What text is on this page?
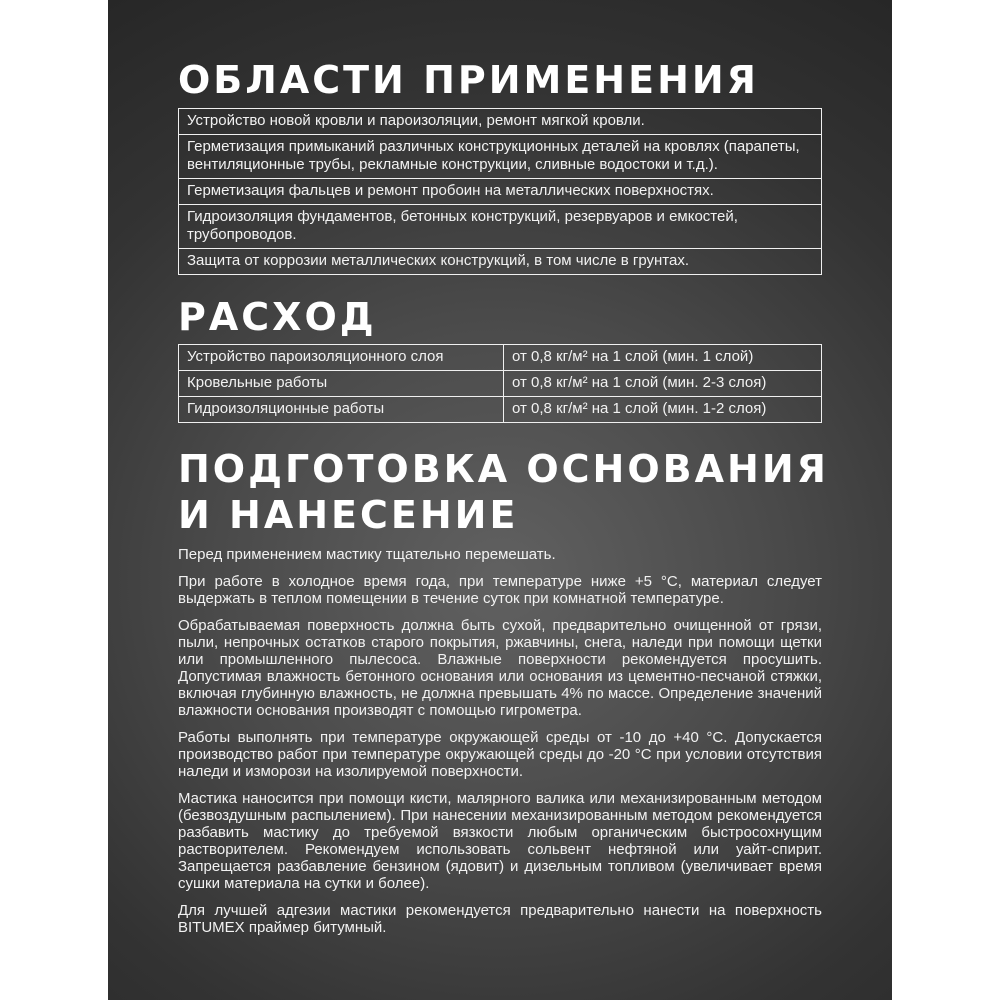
ОБЛАСТИ ПРИМЕНЕНИЯ
Устройство новой кровли и пароизоляции, ремонт мягкой кровли.
Герметизация примыканий различных конструкционных деталей на кровлях (парапеты, вентиляционные трубы, рекламные конструкции, сливные водостоки и т.д.).
Герметизация фальцев и ремонт пробоин на металлических поверхностях.
Гидроизоляция фундаментов, бетонных конструкций, резервуаров и емкостей, трубопроводов.
Защита от коррозии металлических конструкций, в том числе в грунтах.
РАСХОД
Устройство пароизоляционного слоя	от 0,8 кг/м² на 1 слой (мин. 1 слой)
Кровельные работы	от 0,8 кг/м² на 1 слой (мин. 2-3 слоя)
Гидроизоляционные работы	от 0,8 кг/м² на 1 слой (мин. 1-2 слоя)
ПОДГОТОВКА ОСНОВАНИЯ
И НАНЕСЕНИЕ

Перед применением мастику тщательно перемешать.

При работе в холодное время года, при температуре ниже +5 °С, материал следует выдержать в теплом помещении в течение суток при комнатной температуре.

Обрабатываемая поверхность должна быть сухой, предварительно очищенной от грязи, пыли, непрочных остатков старого покрытия, ржавчины, снега, наледи при помощи щетки или промышленного пылесоса. Влажные поверхности рекомендуется просушить. Допустимая влажность бетонного основания или основания из цементно-песчаной стяжки, включая глубинную влажность, не должна превышать 4% по массе. Определение значений влажности основания производят с помощью гигрометра.

Работы выполнять при температуре окружающей среды от -10 до +40 °С. Допускается производство работ при температуре окружающей среды до -20 °С при условии отсутствия наледи и изморози на изолируемой поверхности.

Мастика наносится при помощи кисти, малярного валика или механизированным методом (безвоздушным распылением). При нанесении механизированным методом рекомендуется разбавить мастику до требуемой вязкости любым органическим быстросохнущим растворителем. Рекомендуем использовать сольвент нефтяной или уайт-спирит. Запрещается разбавление бензином (ядовит) и дизельным топливом (увеличивает время сушки материала на сутки и более).

Для лучшей адгезии мастики рекомендуется предварительно нанести на поверхность BITUMEX праймер битумный.
